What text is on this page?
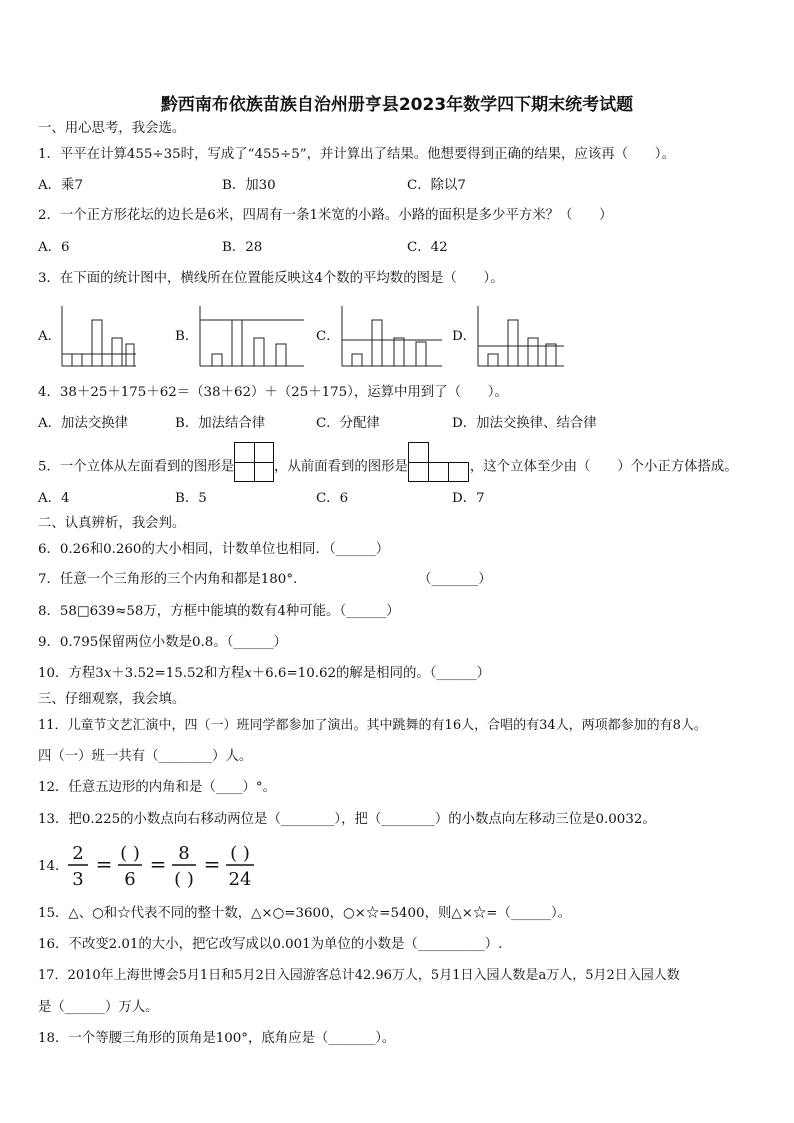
黔西南布依族苗族自治州册亨县2023年数学四下期末统考试题
一、用心思考，我会选。
1．平平在计算455÷35时，写成了“455÷5”，并计算出了结果。他想要得到正确的结果，应该再（　　）。
A．乘7	B．加30	C．除以7
2．一个正方形花坛的边长是6米，四周有一条1米宽的小路。小路的面积是多少平方米？（　　）
A．6	B．28	C．42
3．在下面的统计图中，横线所在位置能反映这4个数的平均数的图是（　　）。
A．	B．	C．	D．
4．38＋25＋175＋62＝（38＋62）＋（25＋175），运算中用到了（　　）。
A．加法交换律	B．加法结合律	C．分配律	D．加法交换律、结合律
5．一个立体从左面看到的图形是	，从前面看到的图形是	，这个立体至少由（　　）个小正方体搭成。
A．4	B．5	C．6	D．7
二、认真辨析，我会判。
6．0.26和0.260的大小相同，计数单位也相同．（______）
7．任意一个三角形的三个内角和都是180°.	（_______）
8．58□639≈58万，方框中能填的数有4种可能。（______）
9．0.795保留两位小数是0.8。（______）
10．方程3𝑥＋3.52=15.52和方程𝑥＋6.6=10.62的解是相同的。（______）
三、仔细观察，我会填。
11．儿童节文艺汇演中，四（一）班同学都参加了演出。其中跳舞的有16人，合唱的有34人，两项都参加的有8人。
四（一）班一共有（________）人。
12．任意五边形的内角和是（____）°。
13．把0.225的小数点向右移动两位是（________），把（________）的小数点向左移动三位是0.0032。
14．
2
3
= ( )
6
= 8
( )
= ( )
24
15．△、○和☆代表不同的整十数，△×○=3600，○×☆=5400，则△×☆=（______）。
16．不改变2.01的大小，把它改写成以0.001为单位的小数是（__________）.
17．2010年上海世博会5月1日和5月2日入园游客总计42.96万人，5月1日入园人数是a万人，5月2日入园人数
是（______）万人。
18．一个等腰三角形的顶角是100°，底角应是（_______）。
